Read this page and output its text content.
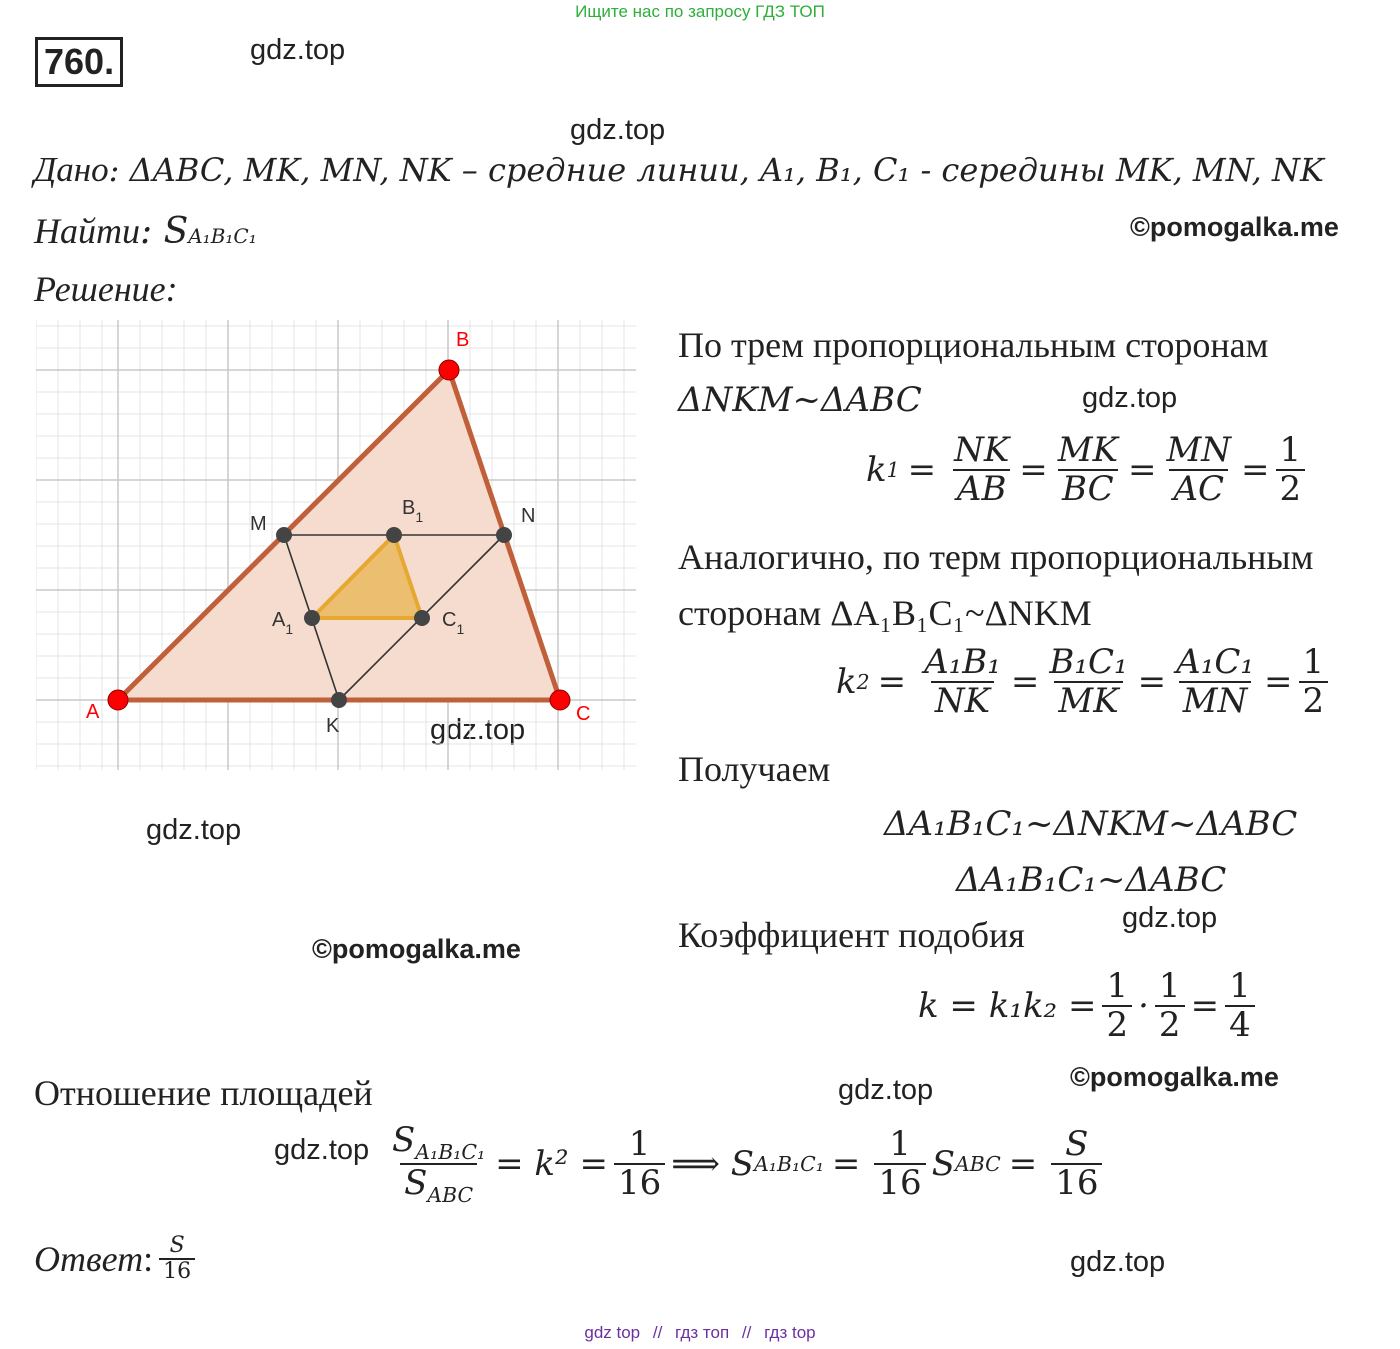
Ищите нас по запросу ГДЗ ТОП
760.	gdz.top
gdz.top
©pomogalka.me
gdz.top
gdz.top
gdz.top
gdz.top
©pomogalka.me
©pomogalka.me
gdz.top
gdz.top
gdz.top
Дано: ΔABC, MK, MN, NK – средние линии, A₁, B₁, C₁ - середины MK, MN, NK
Найти: SA₁B₁C₁
Решение:
A
B
C
M	N
K
$A_1$
$B_1$
$C_1$
По трем пропорциональным сторонам
ΔNKM~ΔABC
k $1 = \frac{NK}{AB} = \frac{MK}{BC} = \frac{MN}{AC} = \frac{1}{2}$
Аналогично, по терм пропорциональным
сторонам ΔA₁B₁C₁~ΔNKM
k $2 = \frac{\text{A₁B₁}}{NK} = \frac{\text{B₁C₁}}{MK} = \frac{\text{A₁C₁}}{MN} = \frac{1}{2}$
Получаем
ΔA₁B₁C₁~ΔNKM~ΔABC
ΔA₁B₁C₁~ΔABC
Коэффициент подобия
$k = k_1k_2 = \frac{1}{2} \cdot \frac{1}{2} = \frac{1}{4}$
Отношение площадей
$\frac{S_{A_1B_1C_1}}{S_{ABC}} = k^2 = \frac{1}{16}$ ⟹ S $A_1B_1C_1 = \frac{1}{16}$ S ABC = $\frac{S}{16}$
Ответ : $\frac{S}{16}$
gdz top // гдз топ // гдз top
